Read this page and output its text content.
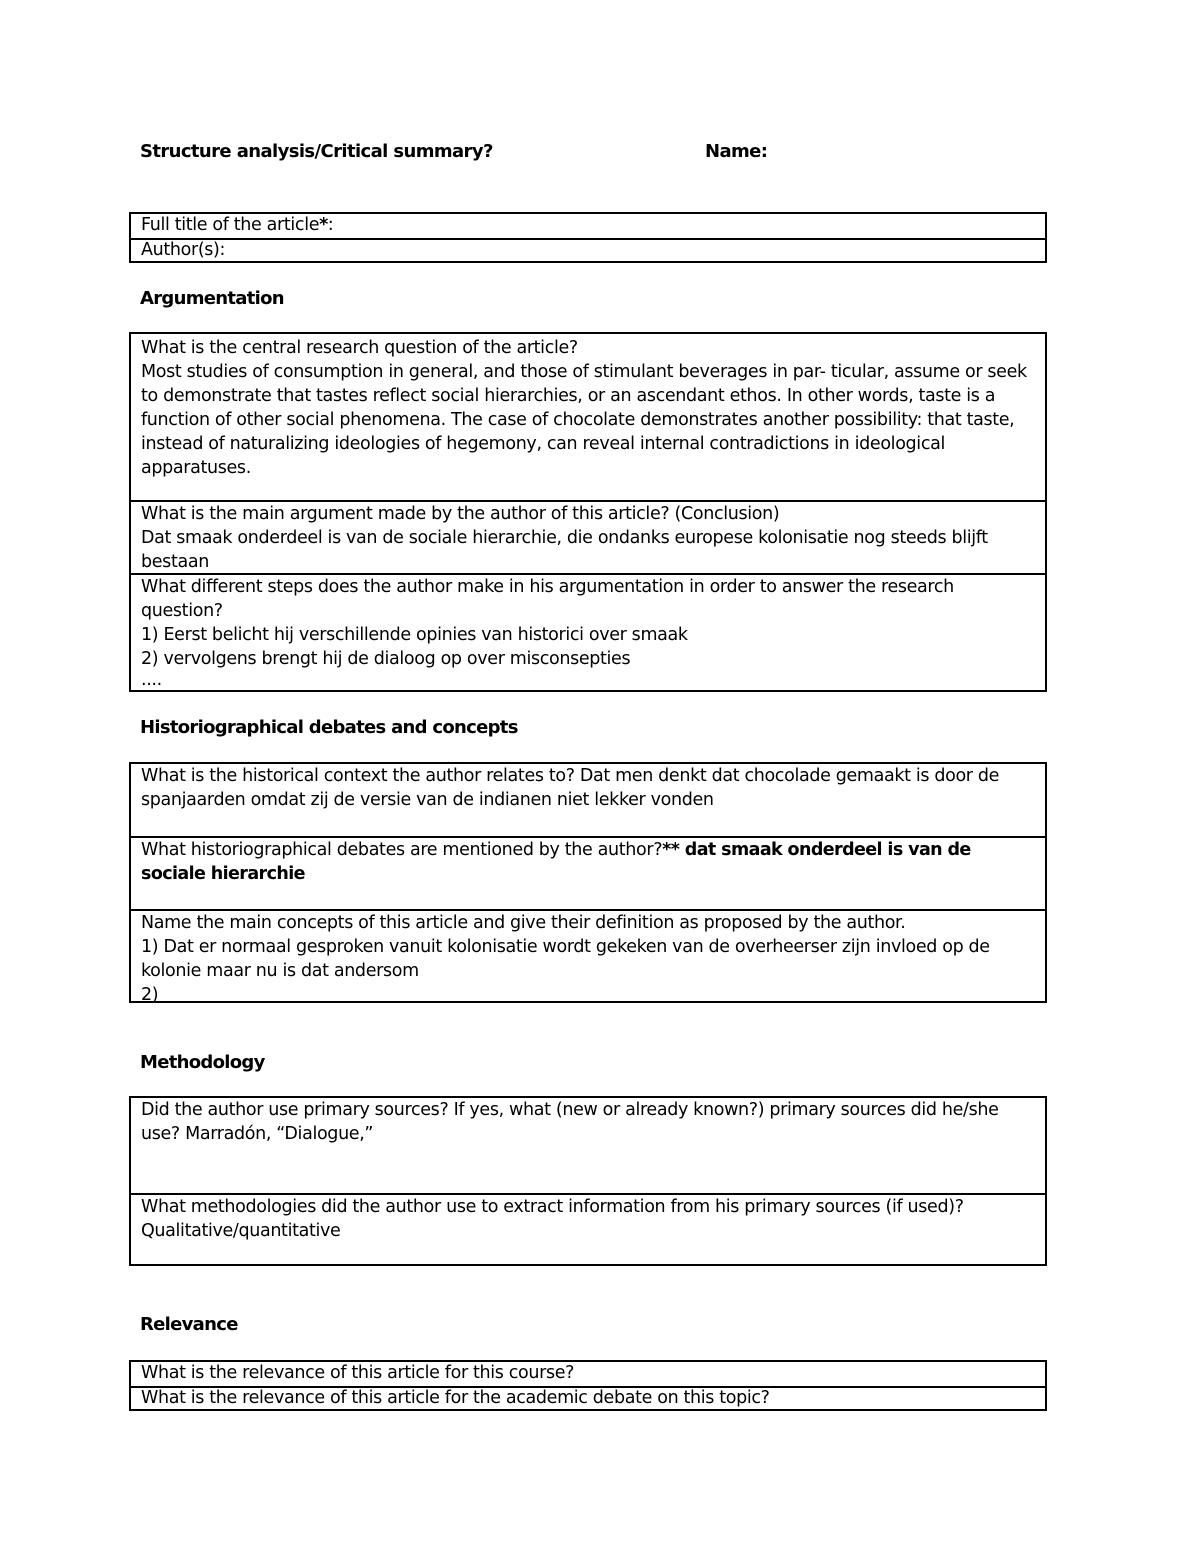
Structure analysis/Critical summary?	Name:
Full title of the article*:
Author(s):
Argumentation
What is the central research question of the article?
Most studies of consumption in general, and those of stimulant beverages in par- ticular, assume or seek to demonstrate that tastes reflect social hierarchies, or an ascendant ethos. In other words, taste is a function of other social phenomena. The case of chocolate demonstrates another possibility: that taste, instead of naturalizing ideologies of hegemony, can reveal internal contradictions in ideological apparatuses.
What is the main argument made by the author of this article? (Conclusion)
Dat smaak onderdeel is van de sociale hierarchie, die ondanks europese kolonisatie nog steeds blijft bestaan
What different steps does the author make in his argumentation in order to answer the research question?
1) Eerst belicht hij verschillende opinies van historici over smaak
2) vervolgens brengt hij de dialoog op over misconsepties
....
Historiographical debates and concepts
What is the historical context the author relates to? Dat men denkt dat chocolade gemaakt is door de spanjaarden omdat zij de versie van de indianen niet lekker vonden
What historiographical debates are mentioned by the author?** dat smaak onderdeel is van de sociale hierarchie
Name the main concepts of this article and give their definition as proposed by the author.
1) Dat er normaal gesproken vanuit kolonisatie wordt gekeken van de overheerser zijn invloed op de kolonie maar nu is dat andersom
2)
Methodology
Did the author use primary sources? If yes, what (new or already known?) primary sources did he/she use? Marradón, “Dialogue,”
What methodologies did the author use to extract information from his primary sources (if used)?
Qualitative/quantitative
Relevance
What is the relevance of this article for this course?
What is the relevance of this article for the academic debate on this topic?
